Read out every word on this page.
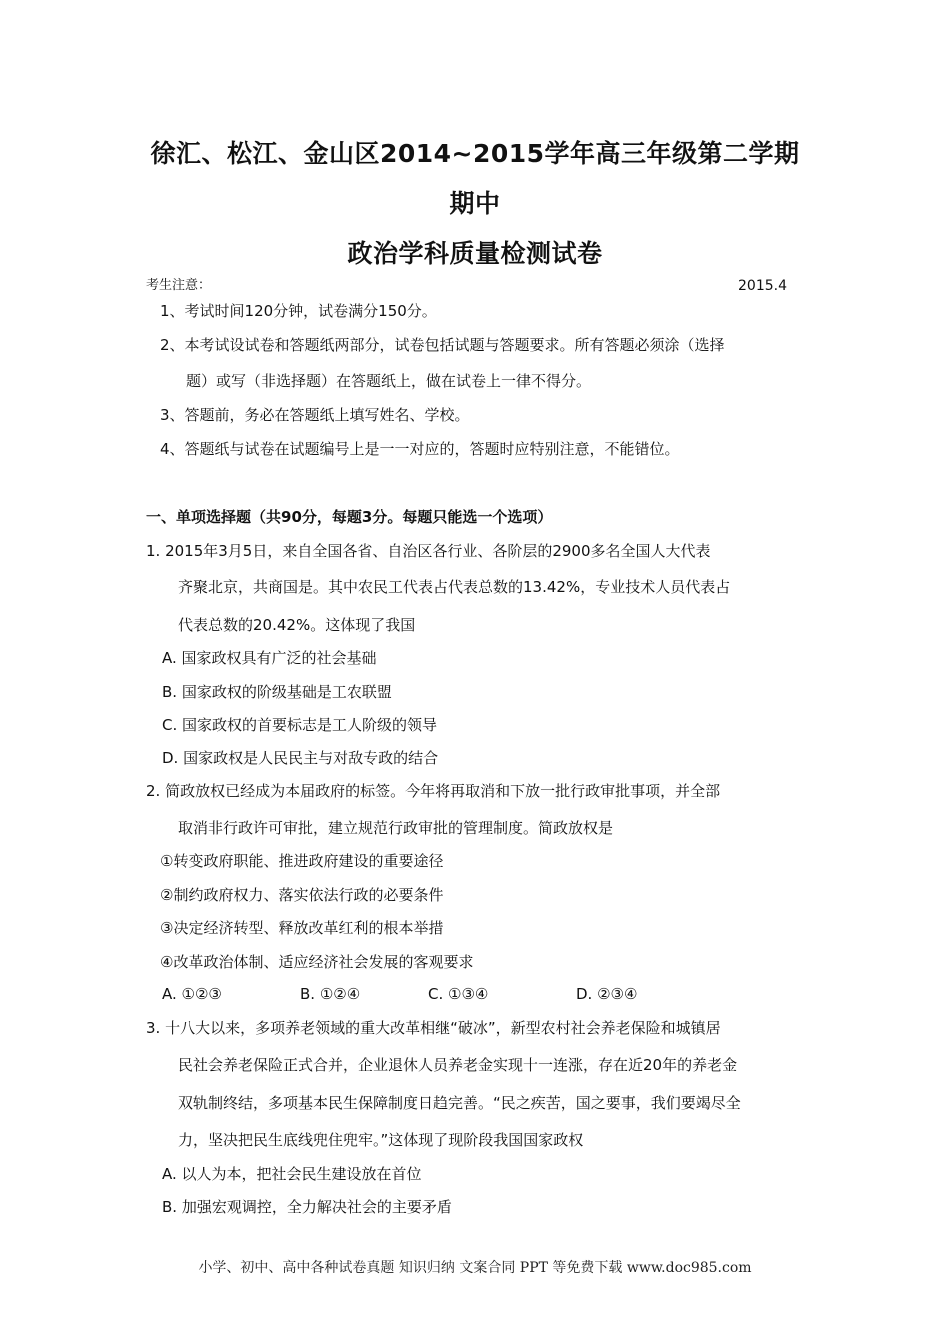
徐汇、松江、金山区2014~2015学年高三年级第二学期
期中
政治学科质量检测试卷
考生注意：	2015.4
1、考试时间120分钟，试卷满分150分。
2、本考试设试卷和答题纸两部分，试卷包括试题与答题要求。所有答题必须涂（选择
题）或写（非选择题）在答题纸上，做在试卷上一律不得分。
3、答题前，务必在答题纸上填写姓名、学校。
4、答题纸与试卷在试题编号上是一一对应的，答题时应特别注意，不能错位。
一、单项选择题（共90分，每题3分。每题只能选一个选项）
1. 2015年3月5日，来自全国各省、自治区各行业、各阶层的2900多名全国人大代表
齐聚北京，共商国是。其中农民工代表占代表总数的13.42%，专业技术人员代表占
代表总数的20.42%。这体现了我国
A. 国家政权具有广泛的社会基础
B. 国家政权的阶级基础是工农联盟
C. 国家政权的首要标志是工人阶级的领导
D. 国家政权是人民民主与对敌专政的结合
2. 简政放权已经成为本届政府的标签。今年将再取消和下放一批行政审批事项，并全部
取消非行政许可审批，建立规范行政审批的管理制度。简政放权是
①转变政府职能、推进政府建设的重要途径
②制约政府权力、落实依法行政的必要条件
③决定经济转型、释放改革红利的根本举措
④改革政治体制、适应经济社会发展的客观要求
A. ①②③	B. ①②④	C. ①③④	D. ②③④
3. 十八大以来，多项养老领域的重大改革相继“破冰”，新型农村社会养老保险和城镇居
民社会养老保险正式合并，企业退休人员养老金实现十一连涨，存在近20年的养老金
双轨制终结，多项基本民生保障制度日趋完善。“民之疾苦，国之要事，我们要竭尽全
力，坚决把民生底线兜住兜牢。”这体现了现阶段我国国家政权
A. 以人为本，把社会民生建设放在首位
B. 加强宏观调控，全力解决社会的主要矛盾
小学、初中、高中各种试卷真题 知识归纳 文案合同 PPT 等免费下载 www.doc985.com
